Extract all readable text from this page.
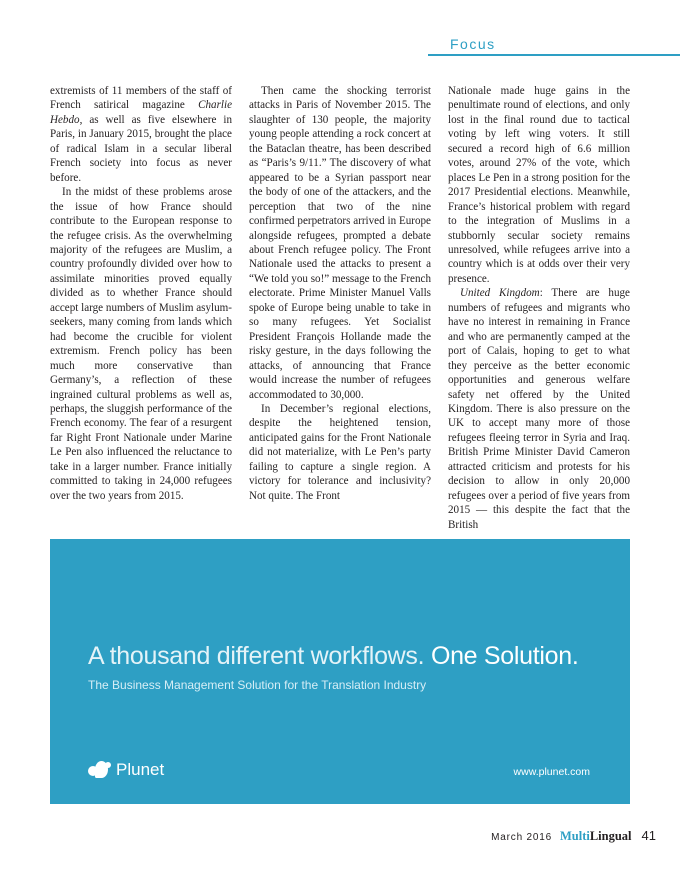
Focus

extremists of 11 members of the staff of French satirical magazine Charlie Hebdo, as well as five elsewhere in Paris, in January 2015, brought the place of radical Islam in a secular liberal French society into focus as never before.

In the midst of these problems arose the issue of how France should contribute to the European response to the refugee crisis. As the overwhelming majority of the refugees are Muslim, a country profoundly divided over how to assimilate minorities proved equally divided as to whether France should accept large numbers of Muslim asylum-seekers, many coming from lands which had become the crucible for violent extremism. French policy has been much more conservative than Germany’s, a reflection of these ingrained cultural problems as well as, perhaps, the sluggish performance of the French economy. The fear of a resurgent far Right Front Nationale under Marine Le Pen also influenced the reluctance to take in a larger number. France initially committed to taking in 24,000 refugees over the two years from 2015.

Then came the shocking terrorist attacks in Paris of November 2015. The slaughter of 130 people, the majority young people attending a rock concert at the Bataclan theatre, has been described as “Paris’s 9/11.” The discovery of what appeared to be a Syrian passport near the body of one of the attackers, and the perception that two of the nine confirmed perpetrators arrived in Europe alongside refugees, prompted a debate about French refugee policy. The Front Nationale used the attacks to present a “We told you so!” message to the French electorate. Prime Minister Manuel Valls spoke of Europe being unable to take in so many refugees. Yet Socialist President François Hollande made the risky gesture, in the days following the attacks, of announcing that France would increase the number of refugees accommodated to 30,000.

In December’s regional elections, despite the heightened tension, anticipated gains for the Front Nationale did not materialize, with Le Pen’s party failing to capture a single region. A victory for tolerance and inclusivity? Not quite. The Front

Nationale made huge gains in the penultimate round of elections, and only lost in the final round due to tactical voting by left wing voters. It still secured a record high of 6.6 million votes, around 27% of the vote, which places Le Pen in a strong position for the 2017 Presidential elections. Meanwhile, France’s historical problem with regard to the integration of Muslims in a stubbornly secular society remains unresolved, while refugees arrive into a country which is at odds over their very presence.

United Kingdom: There are huge numbers of refugees and migrants who have no interest in remaining in France and who are permanently camped at the port of Calais, hoping to get to what they perceive as the better economic opportunities and generous welfare safety net offered by the United Kingdom. There is also pressure on the UK to accept many more of those refugees fleeing terror in Syria and Iraq. British Prime Minister David Cameron attracted criticism and protests for his decision to allow in only 20,000 refugees over a period of five years from 2015 — this despite the fact that the British

A thousand different workflows. One Solution.
The Business Management Solution for the Translation Industry
Plunet	www.plunet.com
March 2016 MultiLingual 41
